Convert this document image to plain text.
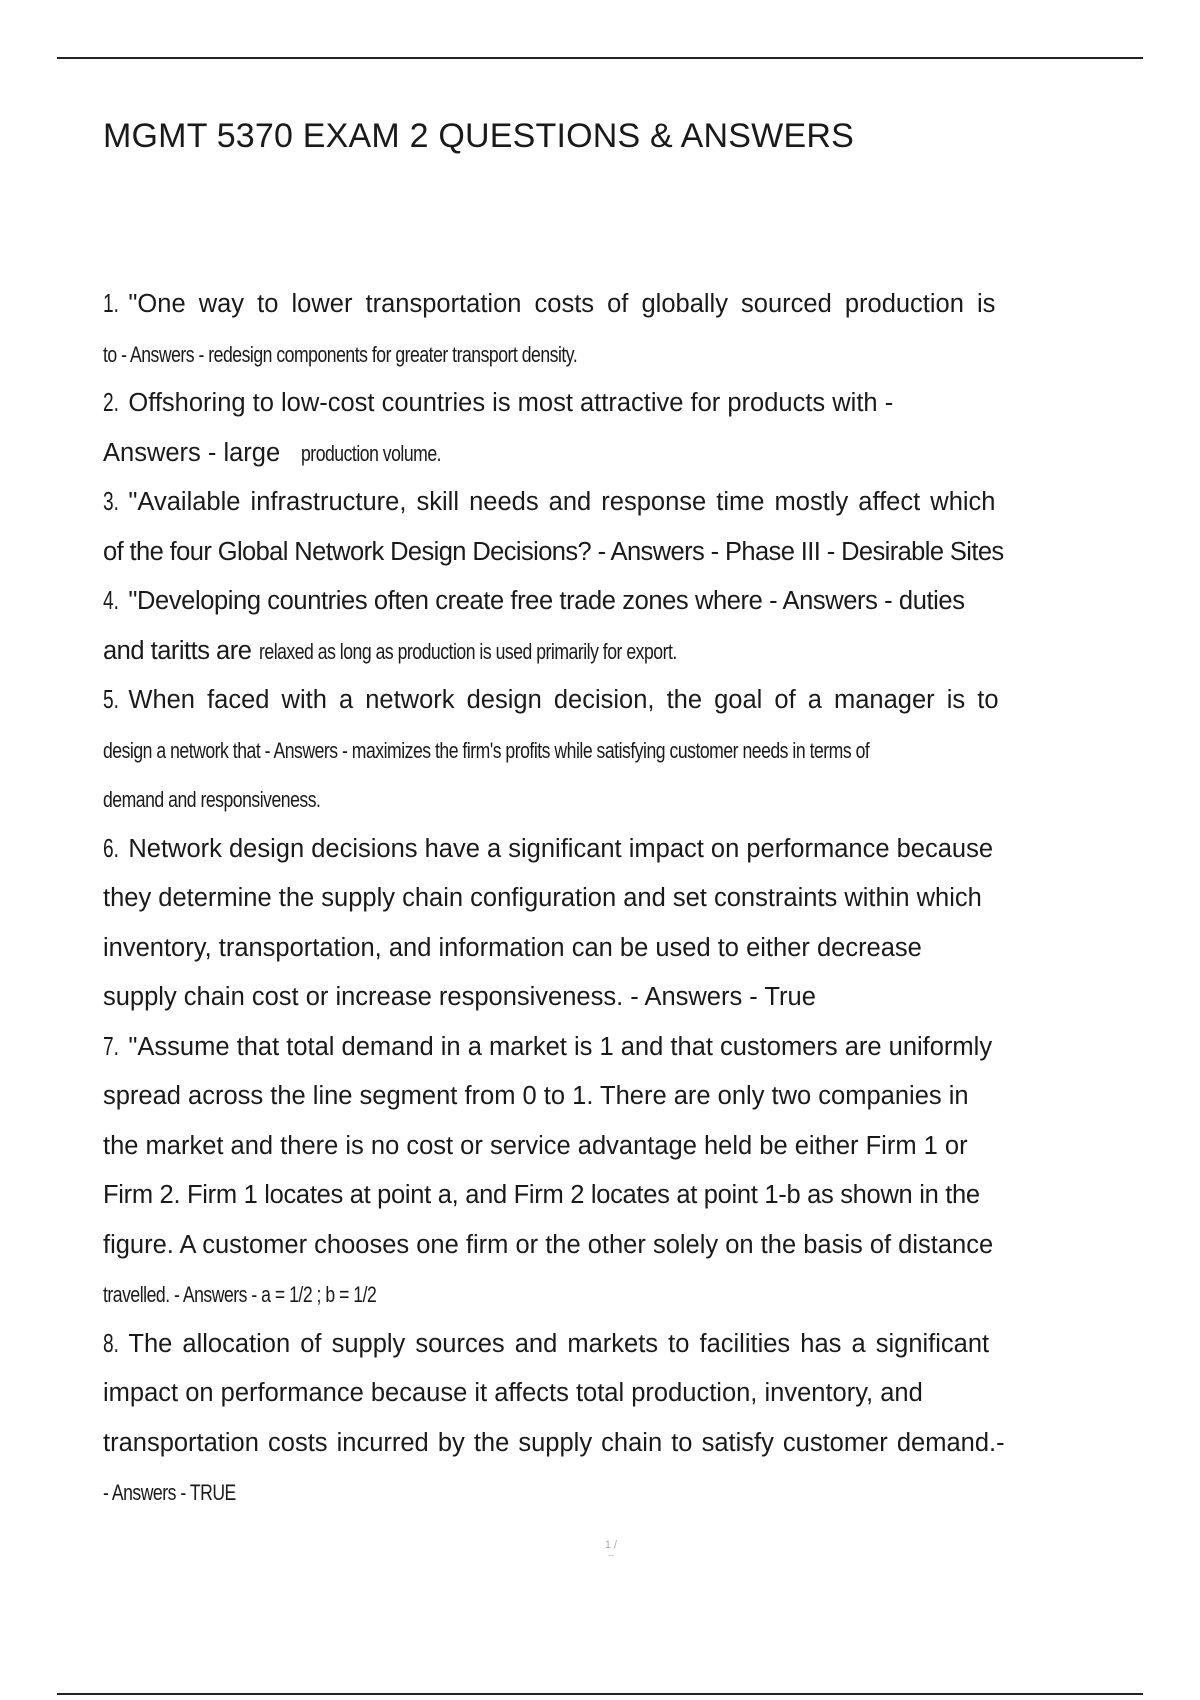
MGMT 5370 EXAM 2 QUESTIONS & ANSWERS
1. "One way to lower transportation costs of globally sourced production is
to - Answers - redesign components for greater transport density.
2. Offshoring to low-cost countries is most attractive for products with -
Answers - large production volume.
3. "Available infrastructure, skill needs and response time mostly affect which
of the four Global Network Design Decisions? - Answers - Phase III - Desirable Sites
4. "Developing countries often create free trade zones where - Answers - duties
and taritts are relaxed as long as production is used primarily for export.
5. When faced with a network design decision, the goal of a manager is to
design a network that - Answers - maximizes the firm's profits while satisfying customer needs in terms of
demand and responsiveness.
6. Network design decisions have a significant impact on performance because
they determine the supply chain configuration and set constraints within which
inventory, transportation, and information can be used to either decrease
supply chain cost or increase responsiveness. - Answers - True
7. "Assume that total demand in a market is 1 and that customers are uniformly
spread across the line segment from 0 to 1. There are only two companies in
the market and there is no cost or service advantage held be either Firm 1 or
Firm 2. Firm 1 locates at point a, and Firm 2 locates at point 1-b as shown in the
figure. A customer chooses one firm or the other solely on the basis of distance
travelled. - Answers - a = 1/2 ; b = 1/2
8. The allocation of supply sources and markets to facilities has a significant
impact on performance because it affects total production, inventory, and
transportation costs incurred by the supply chain to satisfy customer demand.-
- Answers - TRUE
1 /
--
